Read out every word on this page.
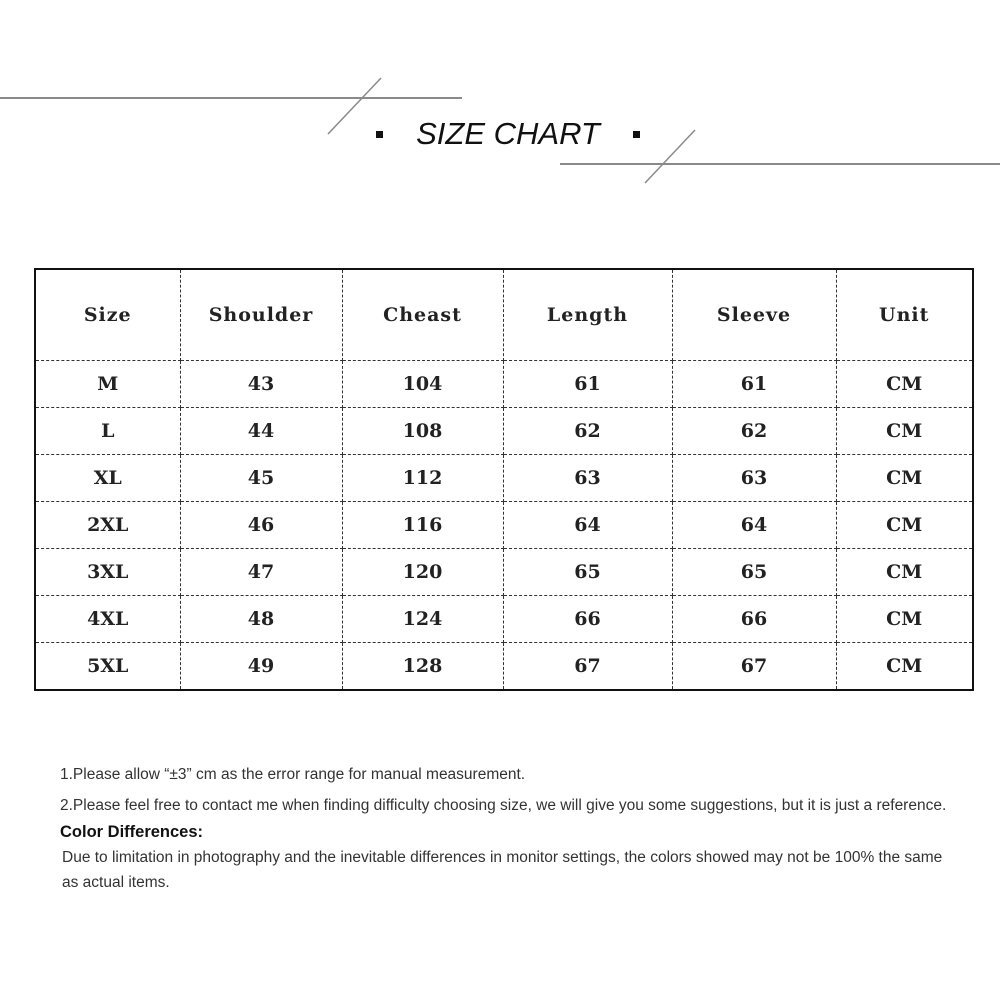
SIZE CHART
Size	Shoulder	Cheast	Length	Sleeve	Unit
M	43	104	61	61	CM
L	44	108	62	62	CM
XL	45	112	63	63	CM
2XL	46	116	64	64	CM
3XL	47	120	65	65	CM
4XL	48	124	66	66	CM
5XL	49	128	67	67	CM

1.Please allow “±3” cm as the error range for manual measurement.

2.Please feel free to contact me when finding difficulty choosing size, we will give you some suggestions, but it is just a reference.

Color Differences:

Due to limitation in photography and the inevitable differences in monitor settings, the colors showed may not be 100% the same as actual items.
